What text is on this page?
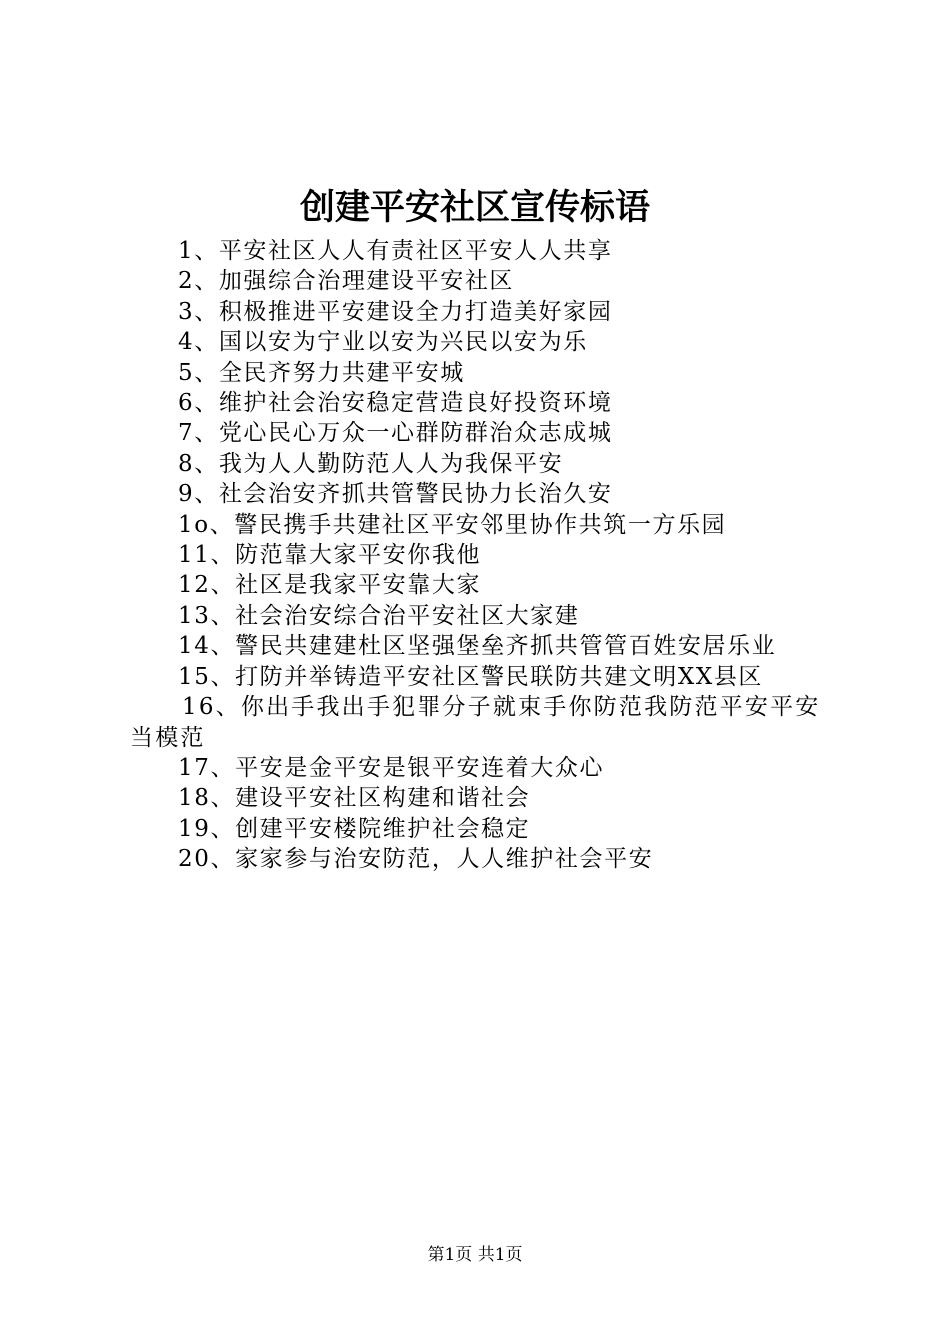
创建平安社区宣传标语
1、平安社区人人有责社区平安人人共享
2、加强综合治理建设平安社区
3、积极推进平安建设全力打造美好家园
4、国以安为宁业以安为兴民以安为乐
5、全民齐努力共建平安城
6、维护社会治安稳定营造良好投资环境
7、党心民心万众一心群防群治众志成城
8、我为人人勤防范人人为我保平安
9、社会治安齐抓共管警民协力长治久安
1o、警民携手共建社区平安邻里协作共筑一方乐园
11、防范靠大家平安你我他
12、社区是我家平安靠大家
13、社会治安综合治平安社区大家建
14、警民共建建杜区坚强堡垒齐抓共管管百姓安居乐业
15、打防并举铸造平安社区警民联防共建文明XX县区
16、你出手我出手犯罪分子就束手你防范我防范平安平安当模范
17、平安是金平安是银平安连着大众心
18、建设平安社区构建和谐社会
19、创建平安楼院维护社会稳定
20、家家参与治安防范，人人维护社会平安
第1页 共1页
